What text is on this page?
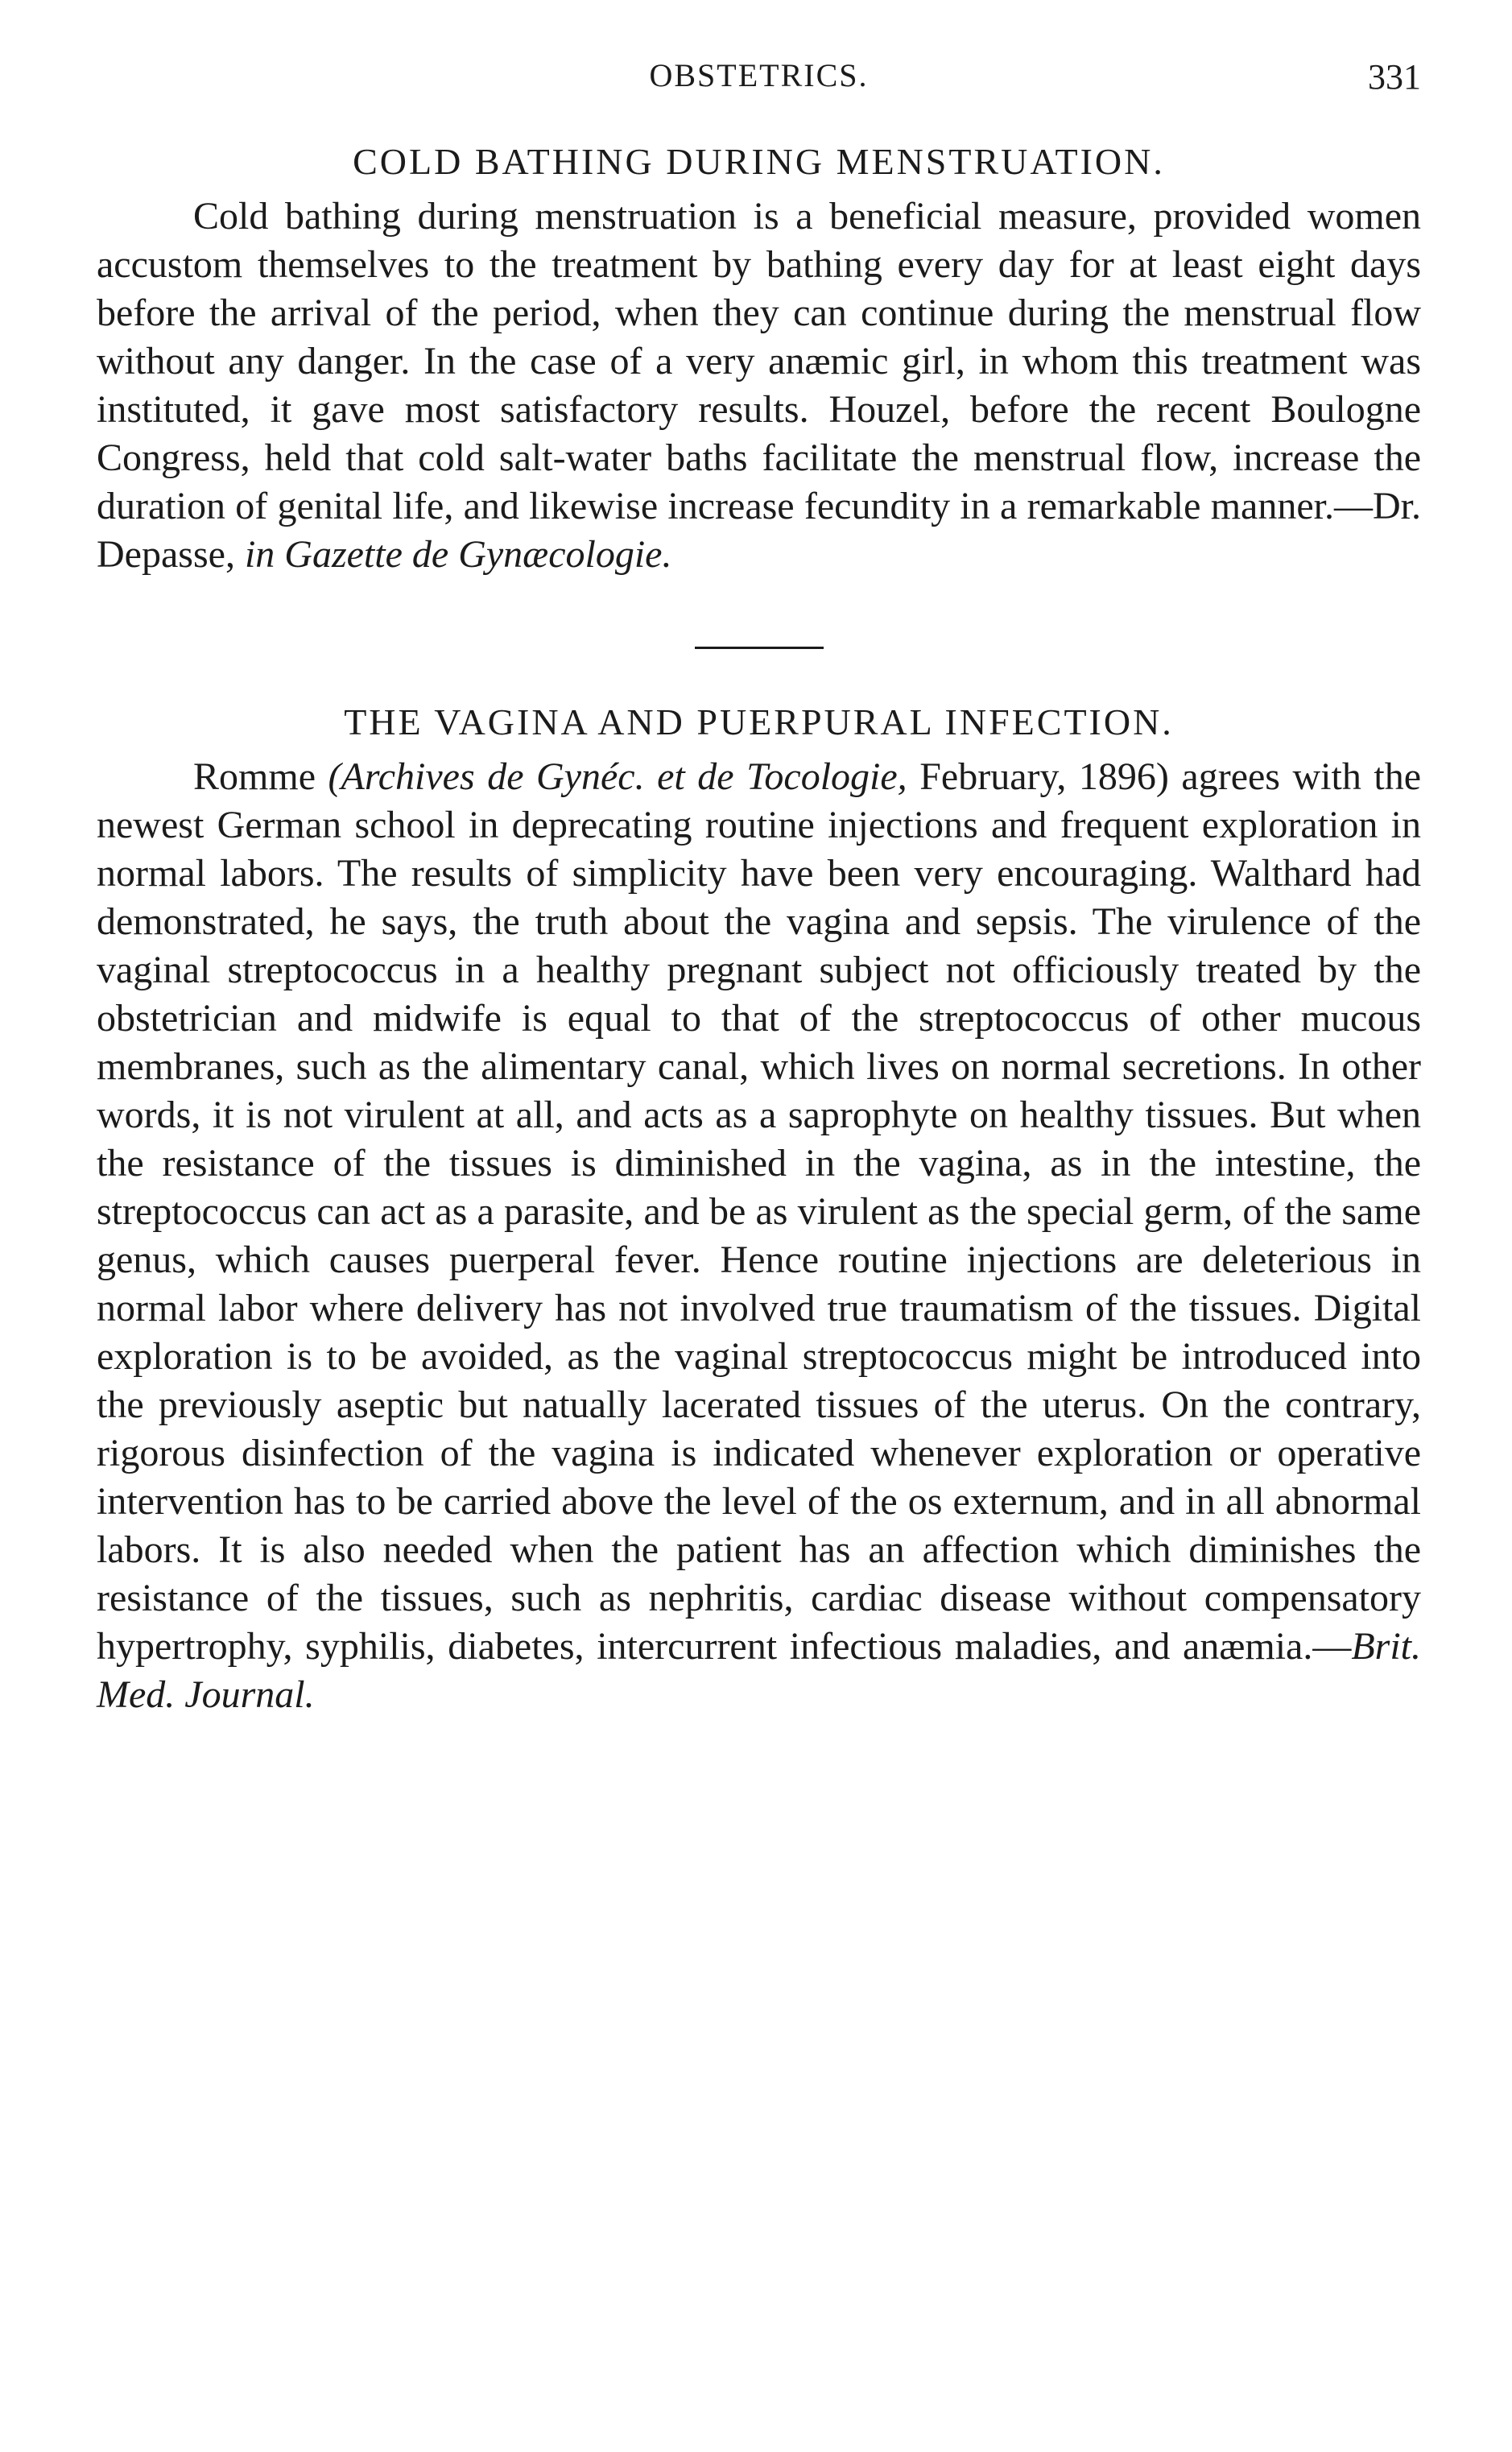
OBSTETRICS.	331
COLD BATHING DURING MENSTRUATION.

Cold bathing during menstruation is a beneficial measure, provided women accustom themselves to the treatment by bathing every day for at least eight days before the arrival of the period, when they can continue during the menstrual flow without any danger. In the case of a very anæmic girl, in whom this treatment was instituted, it gave most satisfactory results. Houzel, before the recent Boulogne Congress, held that cold salt-water baths facilitate the menstrual flow, increase the duration of genital life, and likewise increase fecundity in a remarkable manner.—Dr. Depasse, in Gazette de Gynæcologie.

THE VAGINA AND PUERPURAL INFECTION.

Romme (Archives de Gynéc. et de Tocologie, February, 1896) agrees with the newest German school in deprecating routine injections and frequent exploration in normal labors. The results of simplicity have been very encouraging. Walthard had demonstrated, he says, the truth about the vagina and sepsis. The virulence of the vaginal streptococcus in a healthy pregnant subject not officiously treated by the obstetrician and midwife is equal to that of the streptococcus of other mucous membranes, such as the alimentary canal, which lives on normal secretions. In other words, it is not virulent at all, and acts as a saprophyte on healthy tissues. But when the resistance of the tissues is diminished in the vagina, as in the intestine, the streptococcus can act as a parasite, and be as virulent as the special germ, of the same genus, which causes puerperal fever. Hence routine injections are deleterious in normal labor where delivery has not involved true traumatism of the tissues. Digital exploration is to be avoided, as the vaginal streptococcus might be introduced into the previously aseptic but natually lacerated tissues of the uterus. On the contrary, rigorous disinfection of the vagina is indicated whenever exploration or operative intervention has to be carried above the level of the os externum, and in all abnormal labors. It is also needed when the patient has an affection which diminishes the resistance of the tissues, such as nephritis, cardiac disease without compensatory hypertrophy, syphilis, diabetes, intercurrent infectious maladies, and anæmia.—Brit. Med. Journal.
